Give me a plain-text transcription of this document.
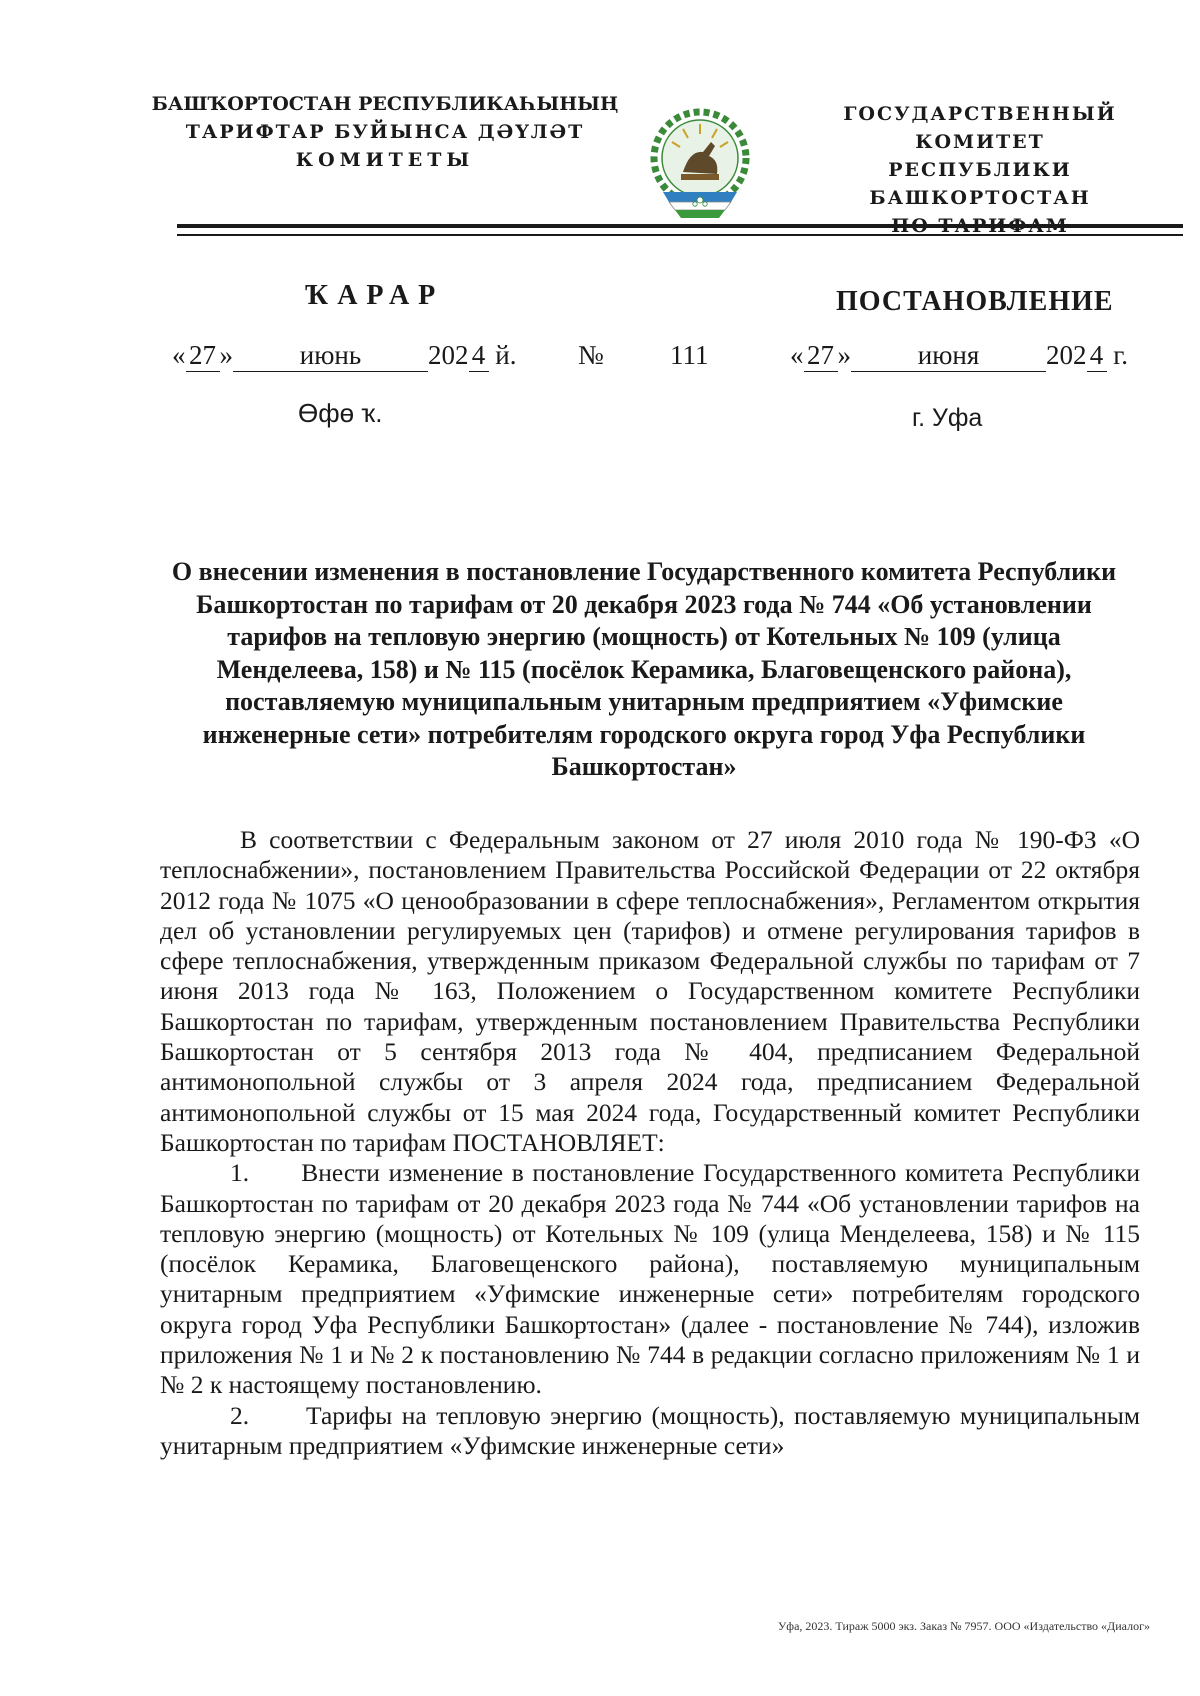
БАШҠОРТОСТАН РЕСПУБЛИКАҺЫНЫҢ
ТАРИФТАР БУЙЫНСА ДӘҮЛӘТ
КОМИТЕТЫ
ГОСУДАРСТВЕННЫЙ КОМИТЕТ
РЕСПУБЛИКИ БАШКОРТОСТАН
ҠАРАР	ПОСТАНОВЛЕНИЕ
« 27 » июнь 202 4 й. № 111	« 27 » июня 202 4 г.
Өфө ҡ.	г. Уфа
О внесении изменения в постановление Государственного комитета Республики Башкортостан по тарифам от 20 декабря 2023 года № 744 «Об установлении тарифов на тепловую энергию (мощность) от Котельных № 109 (улица Менделеева, 158) и № 115 (посёлок Керамика, Благовещенского района), поставляемую муниципальным унитарным предприятием «Уфимские инженерные сети» потребителям городского округа город Уфа Республики Башкортостан»

В соответствии с Федеральным законом от 27 июля 2010 года № 190-ФЗ «О теплоснабжении», постановлением Правительства Российской Федерации от 22 октября 2012 года № 1075 «О ценообразовании в сфере теплоснабжения», Регламентом открытия дел об установлении регулируемых цен (тарифов) и отмене регулирования тарифов в сфере теплоснабжения, утвержденным приказом Федеральной службы по тарифам от 7 июня 2013 года № 163, Положением о Государственном комитете Республики Башкортостан по тарифам, утвержденным постановлением Правительства Республики Башкортостан от 5 сентября 2013 года № 404, предписанием Федеральной антимонопольной службы от 3 апреля 2024 года, предписанием Федеральной антимонопольной службы от 15 мая 2024 года, Государственный комитет Республики Башкортостан по тарифам ПОСТАНОВЛЯЕТ:

1. Внести изменение в постановление Государственного комитета Республики Башкортостан по тарифам от 20 декабря 2023 года № 744 «Об установлении тарифов на тепловую энергию (мощность) от Котельных № 109 (улица Менделеева, 158) и № 115 (посёлок Керамика, Благовещенского района), поставляемую муниципальным унитарным предприятием «Уфимские инженерные сети» потребителям городского округа город Уфа Республики Башкортостан» (далее - постановление № 744), изложив приложения № 1 и № 2 к постановлению № 744 в редакции согласно приложениям № 1 и № 2 к настоящему постановлению.

2. Тарифы на тепловую энергию (мощность), поставляемую муниципальным унитарным предприятием «Уфимские инженерные сети»

Уфа, 2023. Тираж 5000 экз. Заказ № 7957. ООО «Издательство «Диалог»
